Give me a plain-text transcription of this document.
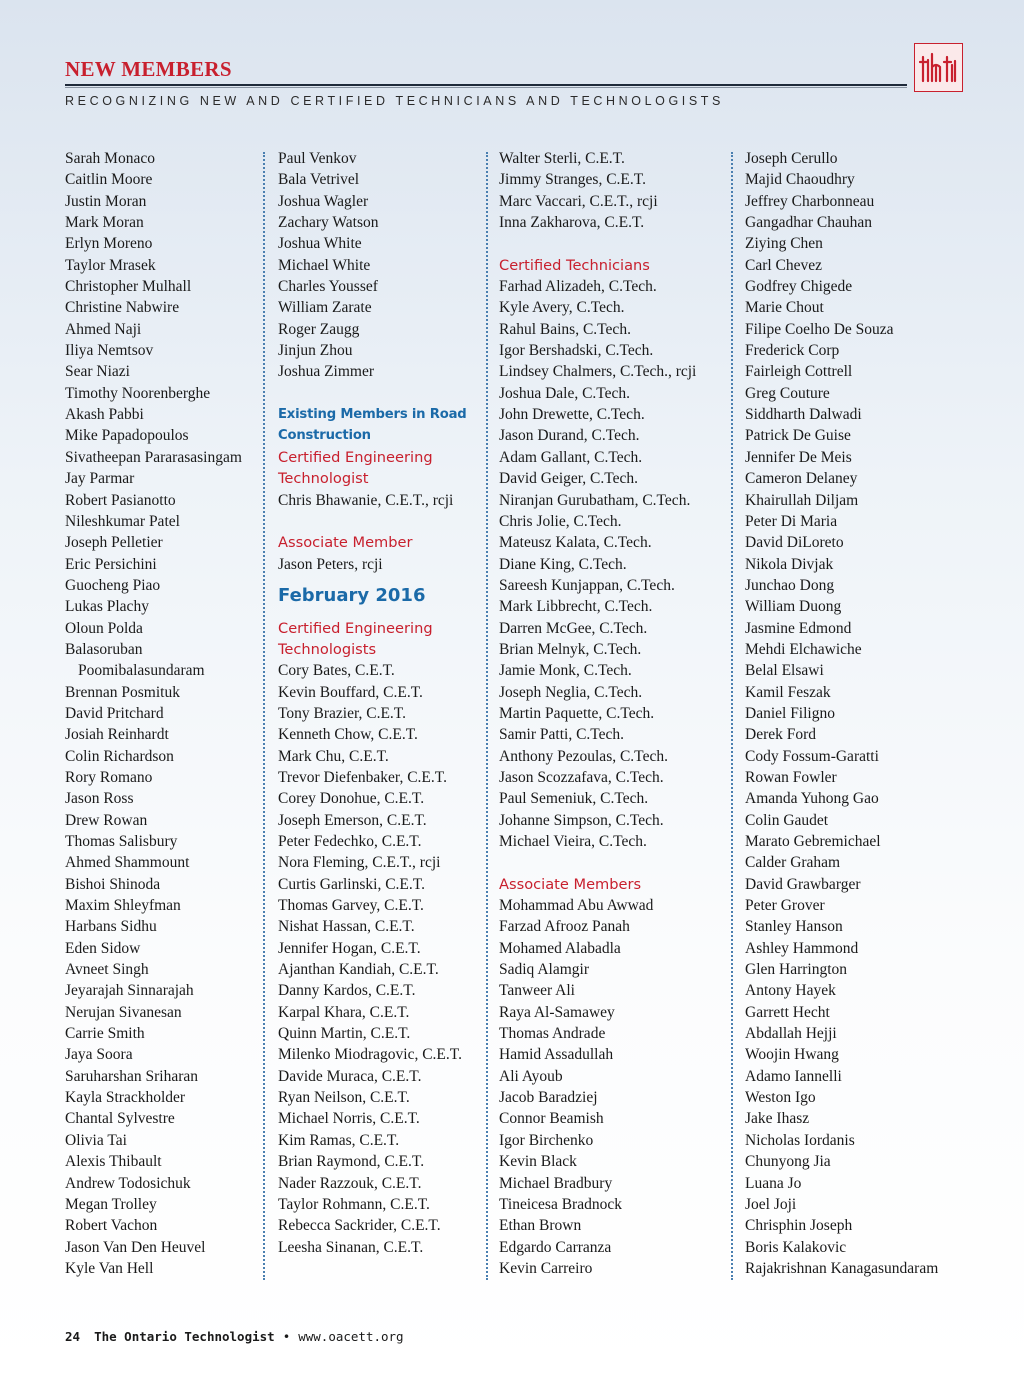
NEW MEMBERS
RECOGNIZING NEW AND CERTIFIED TECHNICIANS AND TECHNOLOGISTS
Sarah Monaco
Caitlin Moore
Justin Moran
Mark Moran
Erlyn Moreno
Taylor Mrasek
Christopher Mulhall
Christine Nabwire
Ahmed Naji
Iliya Nemtsov
Sear Niazi
Timothy Noorenberghe
Akash Pabbi
Mike Papadopoulos
Sivatheepan Pararasasingam
Jay Parmar
Robert Pasianotto
Nileshkumar Patel
Joseph Pelletier
Eric Persichini
Guocheng Piao
Lukas Plachy
Oloun Polda
Balasoruban
Poomibalasundaram
Brennan Posmituk
David Pritchard
Josiah Reinhardt
Colin Richardson
Rory Romano
Jason Ross
Drew Rowan
Thomas Salisbury
Ahmed Shammount
Bishoi Shinoda
Maxim Shleyfman
Harbans Sidhu
Eden Sidow
Avneet Singh
Jeyarajah Sinnarajah
Nerujan Sivanesan
Carrie Smith
Jaya Soora
Saruharshan Sriharan
Kayla Strackholder
Chantal Sylvestre
Olivia Tai
Alexis Thibault
Andrew Todosichuk
Megan Trolley
Robert Vachon
Jason Van Den Heuvel
Kyle Van Hell
Paul Venkov
Bala Vetrivel
Joshua Wagler
Zachary Watson
Joshua White
Michael White
Charles Youssef
William Zarate
Roger Zaugg
Jinjun Zhou
Joshua Zimmer
Existing Members in Road
Construction
Certified Engineering
Technologist
Chris Bhawanie, C.E.T., rcji
Associate Member
Jason Peters, rcji
February 2016
Certified Engineering
Technologists
Cory Bates, C.E.T.
Kevin Bouffard, C.E.T.
Tony Brazier, C.E.T.
Kenneth Chow, C.E.T.
Mark Chu, C.E.T.
Trevor Diefenbaker, C.E.T.
Corey Donohue, C.E.T.
Joseph Emerson, C.E.T.
Peter Fedechko, C.E.T.
Nora Fleming, C.E.T., rcji
Curtis Garlinski, C.E.T.
Thomas Garvey, C.E.T.
Nishat Hassan, C.E.T.
Jennifer Hogan, C.E.T.
Ajanthan Kandiah, C.E.T.
Danny Kardos, C.E.T.
Karpal Khara, C.E.T.
Quinn Martin, C.E.T.
Milenko Miodragovic, C.E.T.
Davide Muraca, C.E.T.
Ryan Neilson, C.E.T.
Michael Norris, C.E.T.
Kim Ramas, C.E.T.
Brian Raymond, C.E.T.
Nader Razzouk, C.E.T.
Taylor Rohmann, C.E.T.
Rebecca Sackrider, C.E.T.
Leesha Sinanan, C.E.T.
Walter Sterli, C.E.T.
Jimmy Stranges, C.E.T.
Marc Vaccari, C.E.T., rcji
Inna Zakharova, C.E.T.
Certified Technicians
Farhad Alizadeh, C.Tech.
Kyle Avery, C.Tech.
Rahul Bains, C.Tech.
Igor Bershadski, C.Tech.
Lindsey Chalmers, C.Tech., rcji
Joshua Dale, C.Tech.
John Drewette, C.Tech.
Jason Durand, C.Tech.
Adam Gallant, C.Tech.
David Geiger, C.Tech.
Niranjan Gurubatham, C.Tech.
Chris Jolie, C.Tech.
Mateusz Kalata, C.Tech.
Diane King, C.Tech.
Sareesh Kunjappan, C.Tech.
Mark Libbrecht, C.Tech.
Darren McGee, C.Tech.
Brian Melnyk, C.Tech.
Jamie Monk, C.Tech.
Joseph Neglia, C.Tech.
Martin Paquette, C.Tech.
Samir Patti, C.Tech.
Anthony Pezoulas, C.Tech.
Jason Scozzafava, C.Tech.
Paul Semeniuk, C.Tech.
Johanne Simpson, C.Tech.
Michael Vieira, C.Tech.
Associate Members
Mohammad Abu Awwad
Farzad Afrooz Panah
Mohamed Alabadla
Sadiq Alamgir
Tanweer Ali
Raya Al-Samawey
Thomas Andrade
Hamid Assadullah
Ali Ayoub
Jacob Baradziej
Connor Beamish
Igor Birchenko
Kevin Black
Michael Bradbury
Tineicesa Bradnock
Ethan Brown
Edgardo Carranza
Kevin Carreiro
Joseph Cerullo
Majid Chaoudhry
Jeffrey Charbonneau
Gangadhar Chauhan
Ziying Chen
Carl Chevez
Godfrey Chigede
Marie Chout
Filipe Coelho De Souza
Frederick Corp
Fairleigh Cottrell
Greg Couture
Siddharth Dalwadi
Patrick De Guise
Jennifer De Meis
Cameron Delaney
Khairullah Diljam
Peter Di Maria
David DiLoreto
Nikola Divjak
Junchao Dong
William Duong
Jasmine Edmond
Mehdi Elchawiche
Belal Elsawi
Kamil Feszak
Daniel Filigno
Derek Ford
Cody Fossum-Garatti
Rowan Fowler
Amanda Yuhong Gao
Colin Gaudet
Marato Gebremichael
Calder Graham
David Grawbarger
Peter Grover
Stanley Hanson
Ashley Hammond
Glen Harrington
Antony Hayek
Garrett Hecht
Abdallah Hejji
Woojin Hwang
Adamo Iannelli
Weston Igo
Jake Ihasz
Nicholas Iordanis
Chunyong Jia
Luana Jo
Joel Joji
Chrisphin Joseph
Boris Kalakovic
Rajakrishnan Kanagasundaram
24 The Ontario Technologist • www.oacett.org
